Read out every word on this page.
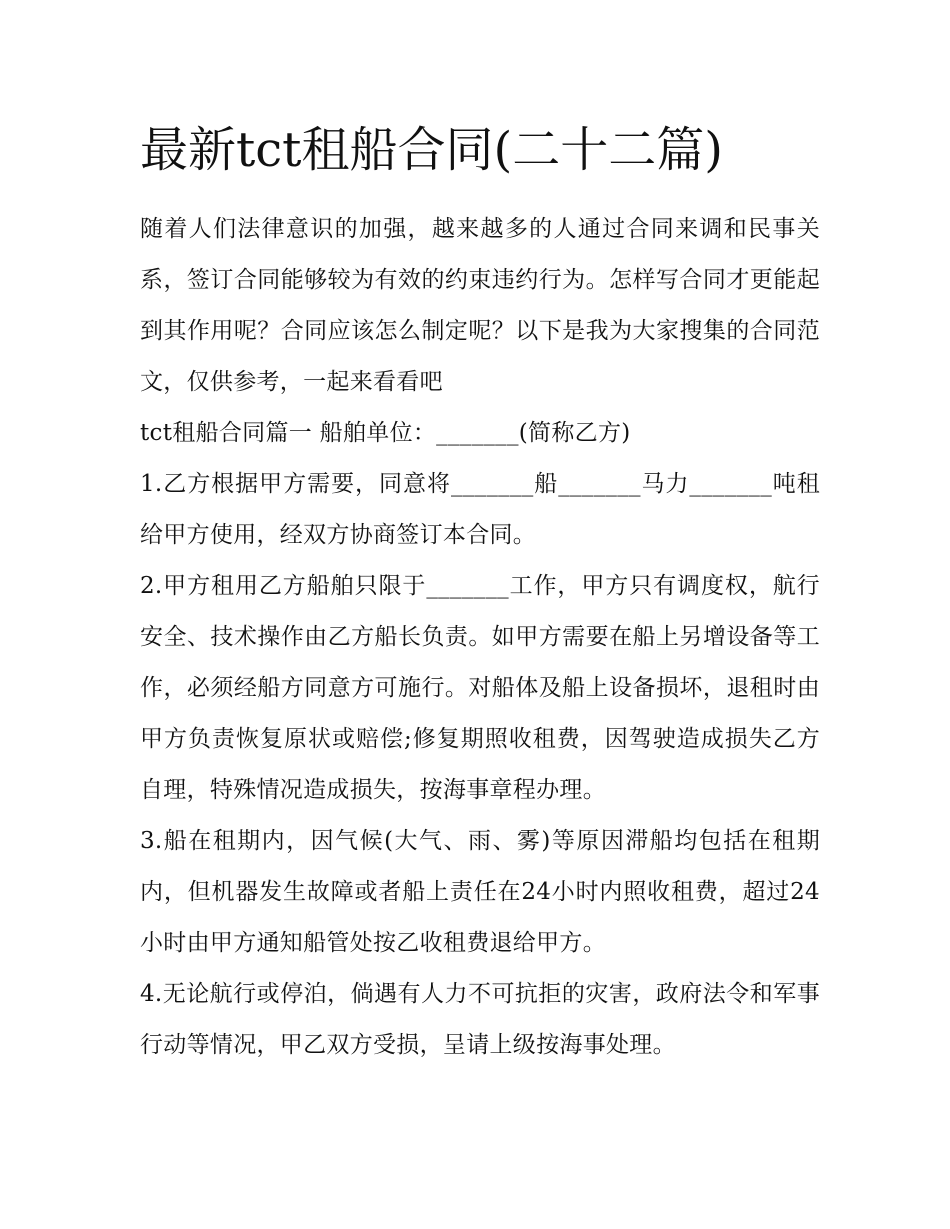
最新tct租船合同(二十二篇)

随着人们法律意识的加强，越来越多的人通过合同来调和民事关系，签订合同能够较为有效的约束违约行为。怎样写合同才更能起到其作用呢？合同应该怎么制定呢？以下是我为大家搜集的合同范文，仅供参考，一起来看看吧

tct租船合同篇一 船舶单位：_______(简称乙方)

1.乙方根据甲方需要，同意将_______船_______马力_______吨租给甲方使用，经双方协商签订本合同。

2.甲方租用乙方船舶只限于_______工作，甲方只有调度权，航行安全、技术操作由乙方船长负责。如甲方需要在船上另增设备等工作，必须经船方同意方可施行。对船体及船上设备损坏，退租时由甲方负责恢复原状或赔偿;修复期照收租费，因驾驶造成损失乙方自理，特殊情况造成损失，按海事章程办理。

3.船在租期内，因气候(大气、雨、雾)等原因滞船均包括在租期内，但机器发生故障或者船上责任在24小时内照收租费，超过24小时由甲方通知船管处按乙收租费退给甲方。

4.无论航行或停泊，倘遇有人力不可抗拒的灾害，政府法令和军事行动等情况，甲乙双方受损，呈请上级按海事处理。
